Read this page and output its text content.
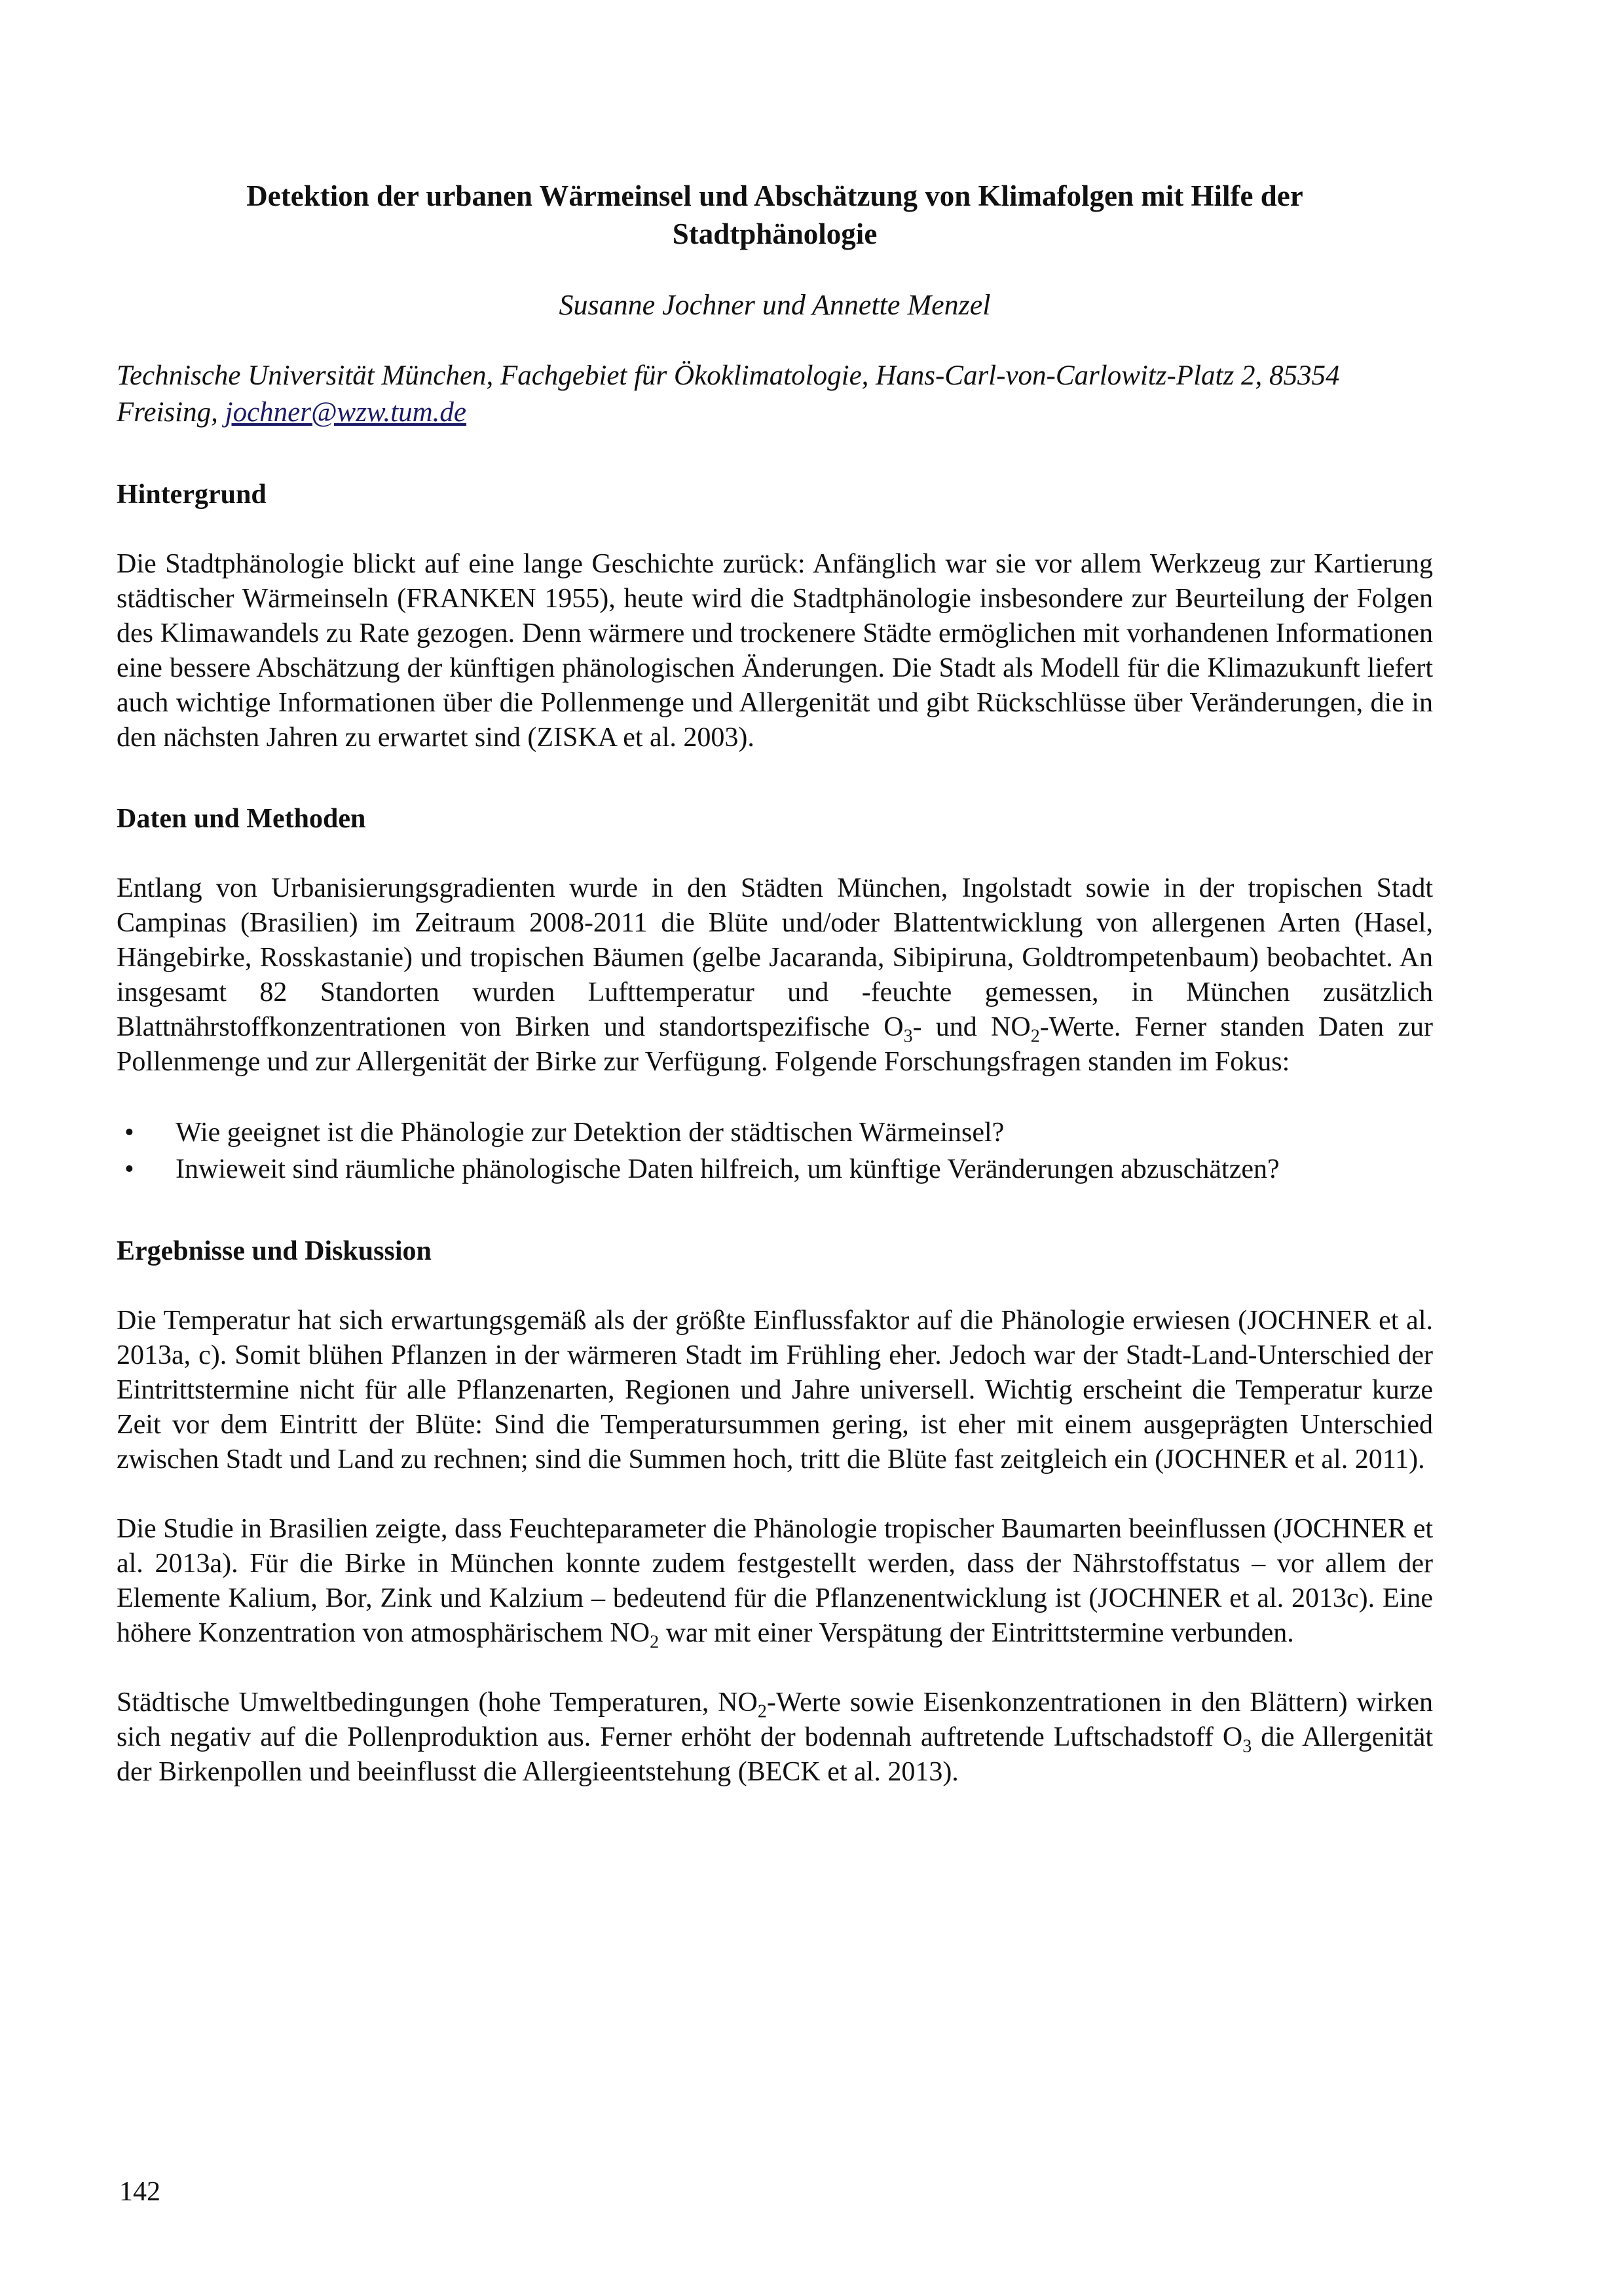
Detektion der urbanen Wärmeinsel und Abschätzung von Klimafolgen mit Hilfe der Stadtphänologie
Susanne Jochner und Annette Menzel
Technische Universität München, Fachgebiet für Ökoklimatologie, Hans-Carl-von-Carlowitz-Platz 2, 85354 Freising, jochner@wzw.tum.de
Hintergrund

Die Stadtphänologie blickt auf eine lange Geschichte zurück: Anfänglich war sie vor allem Werkzeug zur Kartierung städtischer Wärmeinseln (FRANKEN 1955), heute wird die Stadtphänologie insbesondere zur Beurteilung der Folgen des Klimawandels zu Rate gezogen. Denn wärmere und trockenere Städte ermöglichen mit vorhandenen Informationen eine bessere Abschätzung der künftigen phänologischen Änderungen. Die Stadt als Modell für die Klimazukunft liefert auch wichtige Informationen über die Pollenmenge und Allergenität und gibt Rückschlüsse über Veränderungen, die in den nächsten Jahren zu erwartet sind (ZISKA et al. 2003).

Daten und Methoden

Entlang von Urbanisierungsgradienten wurde in den Städten München, Ingolstadt sowie in der tropischen Stadt Campinas (Brasilien) im Zeitraum 2008-2011 die Blüte und/oder Blattentwicklung von allergenen Arten (Hasel, Hängebirke, Rosskastanie) und tropischen Bäumen (gelbe Jacaranda, Sibipiruna, Goldtrompetenbaum) beobachtet. An insgesamt 82 Standorten wurden Lufttemperatur und -feuchte gemessen, in München zusätzlich Blattnährstoffkonzentrationen von Birken und standortspezifische $O_3-$ und $NO_2$-Werte. Ferner standen Daten zur Pollenmenge und zur Allergenität der Birke zur Verfügung. Folgende Forschungsfragen standen im Fokus:

• Wie geeignet ist die Phänologie zur Detektion der städtischen Wärmeinsel?
• Inwieweit sind räumliche phänologische Daten hilfreich, um künftige Veränderungen abzuschätzen?
Ergebnisse und Diskussion

Die Temperatur hat sich erwartungsgemäß als der größte Einflussfaktor auf die Phänologie erwiesen (JOCHNER et al. 2013a, c). Somit blühen Pflanzen in der wärmeren Stadt im Frühling eher. Jedoch war der Stadt-Land-Unterschied der Eintrittstermine nicht für alle Pflanzenarten, Regionen und Jahre universell. Wichtig erscheint die Temperatur kurze Zeit vor dem Eintritt der Blüte: Sind die Temperatursummen gering, ist eher mit einem ausgeprägten Unterschied zwischen Stadt und Land zu rechnen; sind die Summen hoch, tritt die Blüte fast zeitgleich ein (JOCHNER et al. 2011).

Die Studie in Brasilien zeigte, dass Feuchteparameter die Phänologie tropischer Baumarten beeinflussen (JOCHNER et al. 2013a). Für die Birke in München konnte zudem festgestellt werden, dass der Nährstoffstatus – vor allem der Elemente Kalium, Bor, Zink und Kalzium – bedeutend für die Pflanzenentwicklung ist (JOCHNER et al. 2013c). Eine höhere Konzentration von atmosphärischem $NO_2$ war mit einer Verspätung der Eintrittstermine verbunden.

Städtische Umweltbedingungen (hohe Temperaturen, $NO_2$-Werte sowie Eisenkonzentrationen in den Blättern) wirken sich negativ auf die Pollenproduktion aus. Ferner erhöht der bodennah auftretende Luftschadstoff $O_3$ die Allergenität der Birkenpollen und beeinflusst die Allergieentstehung (BECK et al. 2013).

142
